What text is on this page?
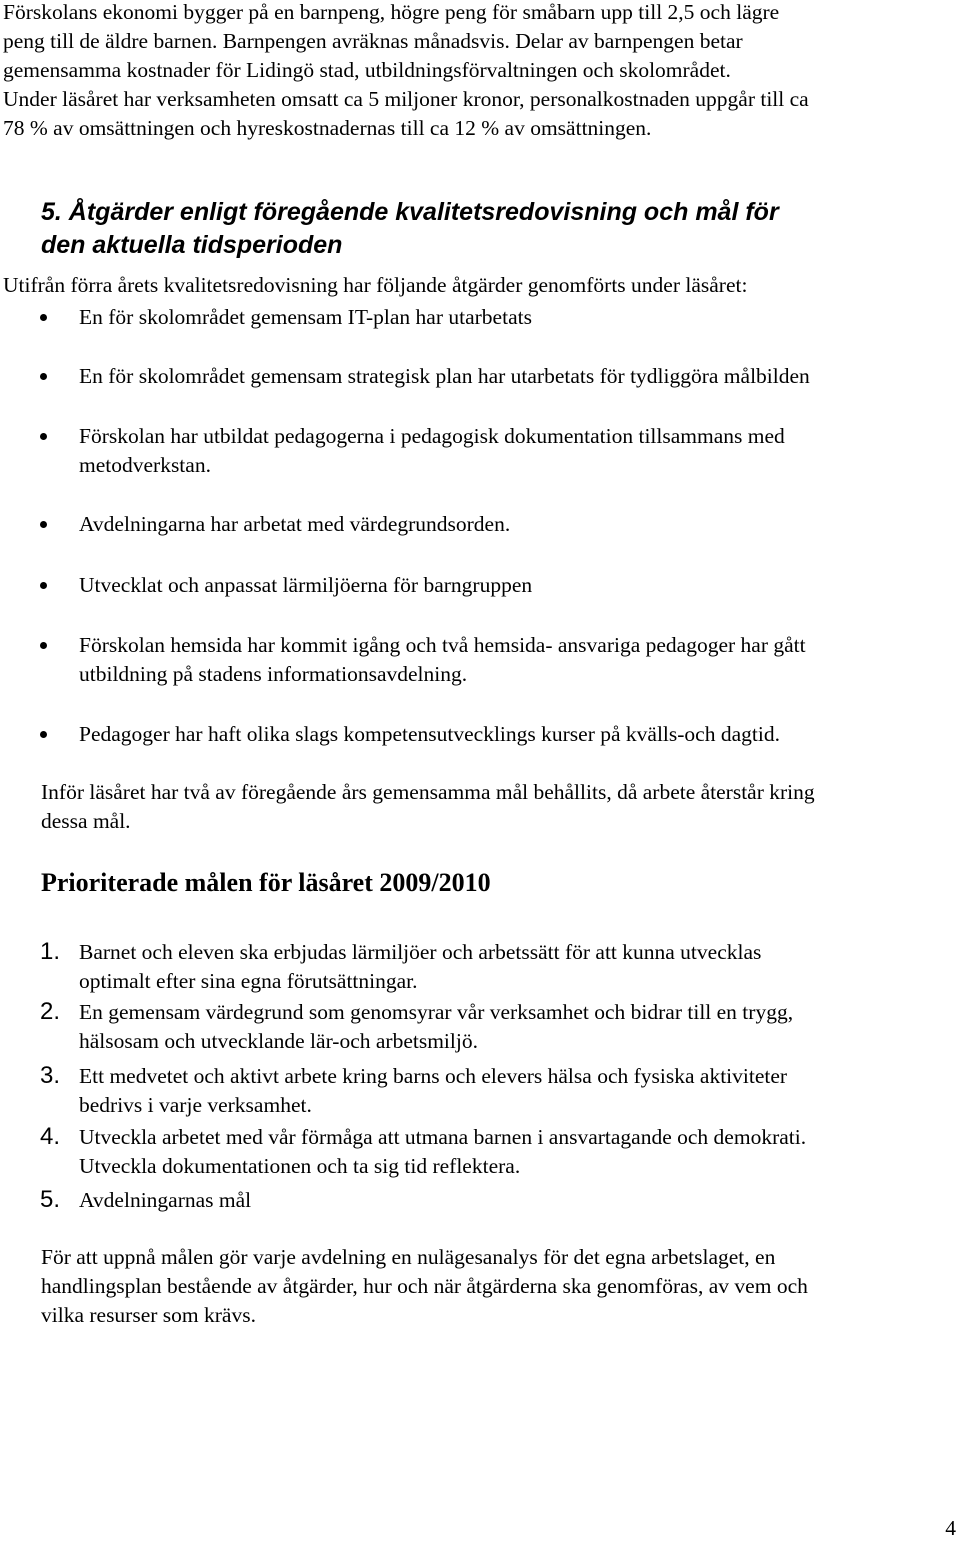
Förskolans ekonomi bygger på en barnpeng, högre peng för småbarn upp till 2,5 och lägre
peng till de äldre barnen. Barnpengen avräknas månadsvis. Delar av barnpengen betar
gemensamma kostnader för Lidingö stad, utbildningsförvaltningen och skolområdet.
Under läsåret har verksamheten omsatt ca 5 miljoner kronor, personalkostnaden uppgår till ca
78 % av omsättningen och hyreskostnadernas till ca 12 % av omsättningen.

5. Åtgärder enligt föregående kvalitetsredovisning och mål för
den aktuella tidsperioden

Utifrån förra årets kvalitetsredovisning har följande åtgärder genomförts under läsåret:

En för skolområdet gemensam IT-plan har utarbetats
En för skolområdet gemensam strategisk plan har utarbetats för tydliggöra målbilden
Förskolan har utbildat pedagogerna i pedagogisk dokumentation tillsammans med
metodverkstan.
Avdelningarna har arbetat med värdegrundsorden.
Utvecklat och anpassat lärmiljöerna för barngruppen
Förskolan hemsida har kommit igång och två hemsida- ansvariga pedagoger har gått
utbildning på stadens informationsavdelning.
Pedagoger har haft olika slags kompetensutvecklings kurser på kvälls-och dagtid.

Inför läsåret har två av föregående års gemensamma mål behållits, då arbete återstår kring
dessa mål.

Prioriterade målen för läsåret 2009/2010
1. Barnet och eleven ska erbjudas lärmiljöer och arbetssätt för att kunna utvecklas
optimalt efter sina egna förutsättningar.
2. En gemensam värdegrund som genomsyrar vår verksamhet och bidrar till en trygg,
hälsosam och utvecklande lär-och arbetsmiljö.
3. Ett medvetet och aktivt arbete kring barns och elevers hälsa och fysiska aktiviteter
bedrivs i varje verksamhet.
4. Utveckla arbetet med vår förmåga att utmana barnen i ansvartagande och demokrati.
Utveckla dokumentationen och ta sig tid reflektera.
5. Avdelningarnas mål

För att uppnå målen gör varje avdelning en nulägesanalys för det egna arbetslaget, en
handlingsplan bestående av åtgärder, hur och när åtgärderna ska genomföras, av vem och
vilka resurser som krävs.

4
